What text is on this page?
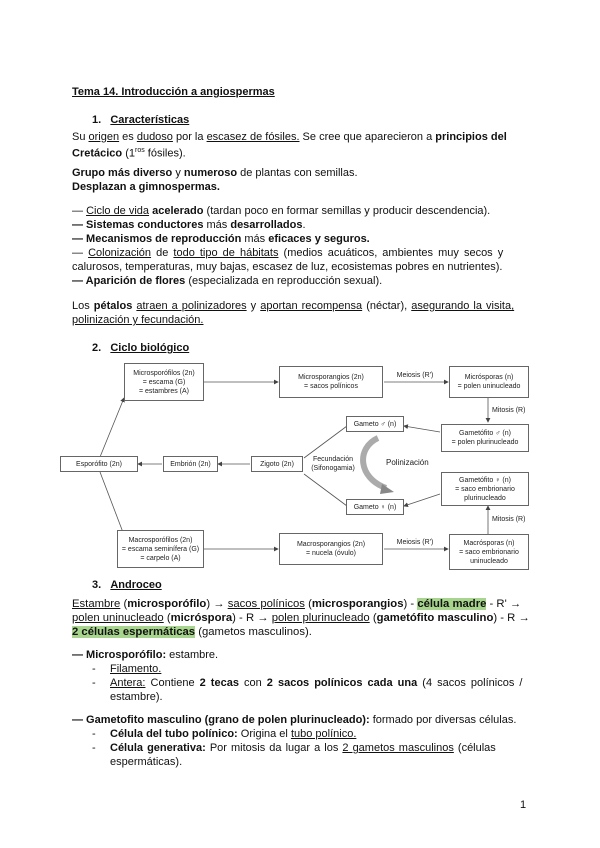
Tema 14. Introducción a angiospermas
1. Características
Su origen es dudoso por la escasez de fósiles. Se cree que aparecieron a principios del
Cretácico ($1^{ros}$ fósiles).
Grupo más diverso y numeroso de plantas con semillas.
Desplazan a gimnospermas.
— Ciclo de vida acelerado (tardan poco en formar semillas y producir descendencia).
— Sistemas conductores más desarrollados.
— Mecanismos de reproducción más eficaces y seguros.
— Colonización de todo tipo de hábitats (medios acuáticos, ambientes muy secos y
calurosos, temperaturas, muy bajas, escasez de luz, ecosistemas pobres en nutrientes).
— Aparición de flores (especializada en reproducción sexual).
Los pétalos atraen a polinizadores y aportan recompensa (néctar), asegurando la visita,
polinización y fecundación.
2. Ciclo biológico
Microsporófilos (2n)
= escama (G)
= estambres (A)
Microsporangios (2n)
= sacos polínicos
Meiosis (R')	Micrósporas (n)
= polen uninucleado
Mitosis (R)
Gametófito ♂ (n)
= polen plurinucleado
Gameto ♂ (n)
Esporófito (2n)	Embrión (2n)	Zigoto (2n)
Fecundación
(Sifonogamia)
Polinización
Gametófito ♀ (n)
= saco embrionario
plurinucleado
Gameto ♀ (n)
Mitosis (R)
Macrosporófilos (2n)
= escama seminífera (G)
= carpelo (A)
Macrosporangios (2n)
= nucela (óvulo)
Meiosis (R')	Macrósporas (n)
= saco embrionario
uninucleado
3. Androceo
Estambre (microsporófilo) → sacos polínicos (microsporangios) - célula madre - R' →
polen uninucleado (micróspora) - R → polen plurinucleado (gametófito masculino) - R →
2 células espermáticas (gametos masculinos).
— Microsporófilo: estambre.
- Filamento.
- Antera: Contiene 2 tecas con 2 sacos polínicos cada una (4 sacos polínicos /
estambre).
— Gametofito masculino (grano de polen plurinucleado): formado por diversas células.
- Célula del tubo polínico: Origina el tubo polínico.
- Célula generativa: Por mitosis da lugar a los 2 gametos masculinos (células
espermáticas).
1
